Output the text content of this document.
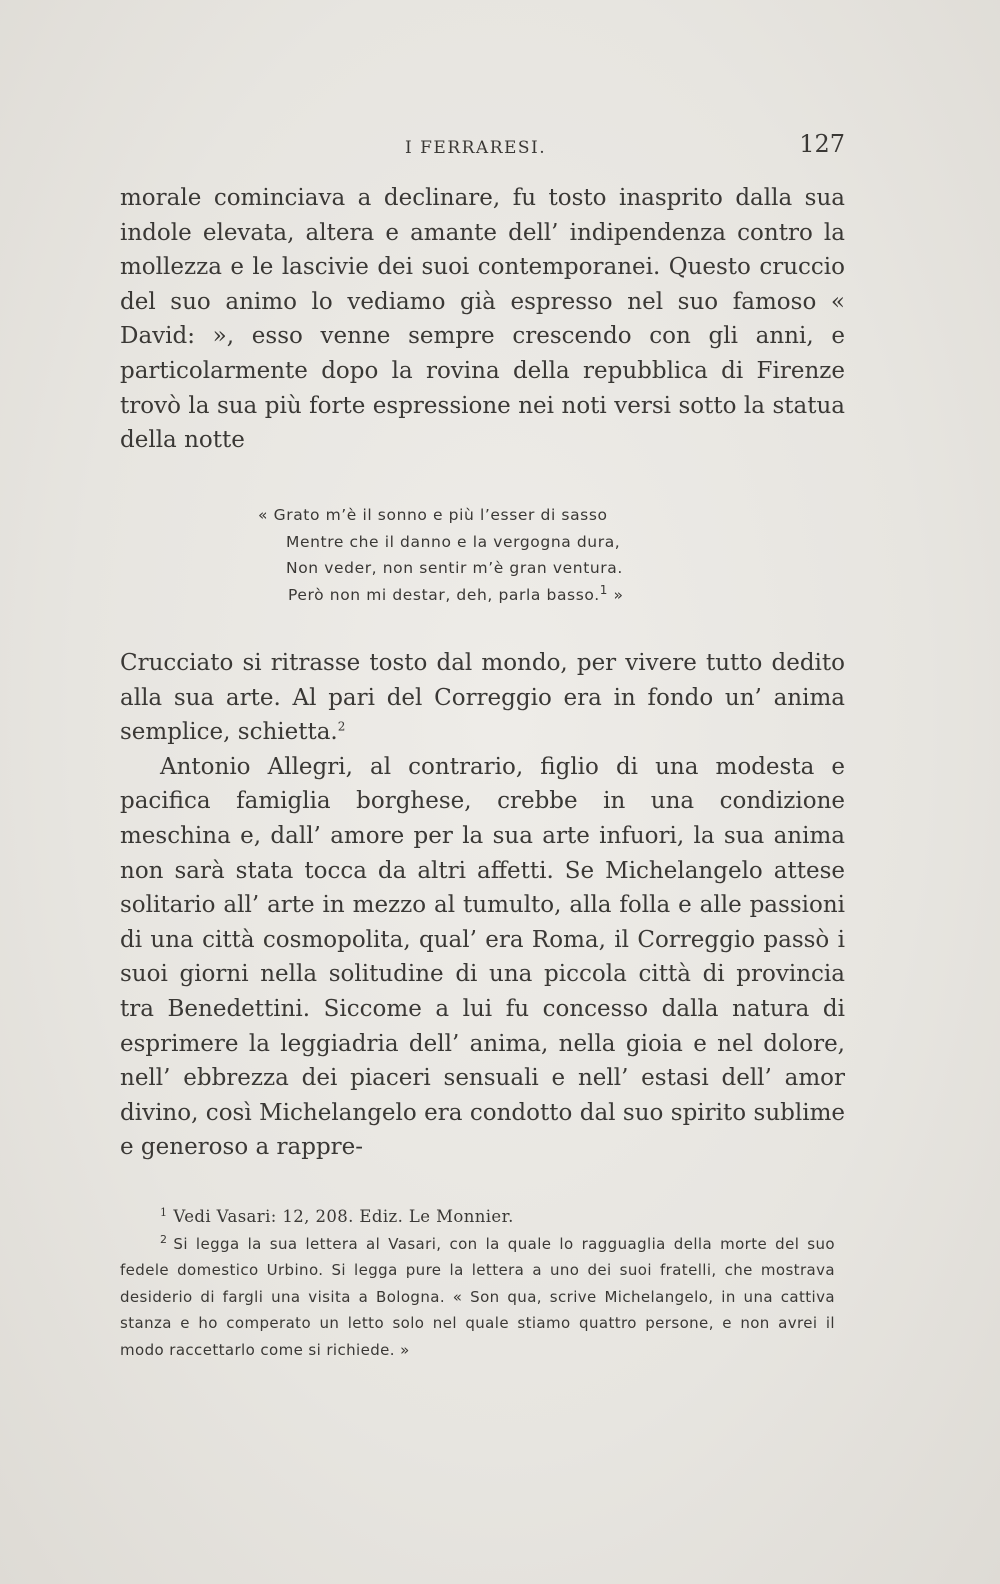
I FERRARESI.	127

morale cominciava a declinare, fu tosto inasprito dalla sua indole elevata, altera e amante dell’ indipendenza contro la mollezza e le lascivie dei suoi contemporanei. Questo cruccio del suo animo lo vediamo già espresso nel suo famoso « David: », esso venne sempre crescendo con gli anni, e particolarmente dopo la rovina della repubblica di Firenze trovò la sua più forte espressione nei noti versi sotto la statua della notte

« Grato m’è il sonno e più l’esser di sasso
Mentre che il danno e la vergogna dura,
Non veder, non sentir m’è gran ventura.
Però non mi destar, deh, parla basso.$^1$ »

Crucciato si ritrasse tosto dal mondo, per vivere tutto dedito alla sua arte. Al pari del Correggio era in fondo un’ anima semplice, schietta.$^2$

Antonio Allegri, al contrario, figlio di una modesta e pacifica famiglia borghese, crebbe in una condizione meschina e, dall’ amore per la sua arte infuori, la sua anima non sarà stata tocca da altri affetti. Se Michelangelo attese solitario all’ arte in mezzo al tumulto, alla folla e alle passioni di una città cosmopolita, qual’ era Roma, il Correggio passò i suoi giorni nella solitudine di una piccola città di provincia tra Benedettini. Siccome a lui fu concesso dalla natura di esprimere la leggiadria dell’ anima, nella gioia e nel dolore, nell’ ebbrezza dei piaceri sensuali e nell’ estasi dell’ amor divino, così Michelangelo era condotto dal suo spirito sublime e generoso a rappre-

$^1$ Vedi Vasari: 12, 208. Ediz. Le Monnier.

$^2$ Si legga la sua lettera al Vasari, con la quale lo ragguaglia della morte del suo fedele domestico Urbino. Si legga pure la lettera a uno dei suoi fratelli, che mostrava desiderio di fargli una visita a Bologna. « Son qua, scrive Michelangelo, in una cattiva stanza e ho comperato un letto solo nel quale stiamo quattro persone, e non avrei il modo raccettarlo come si richiede. »
